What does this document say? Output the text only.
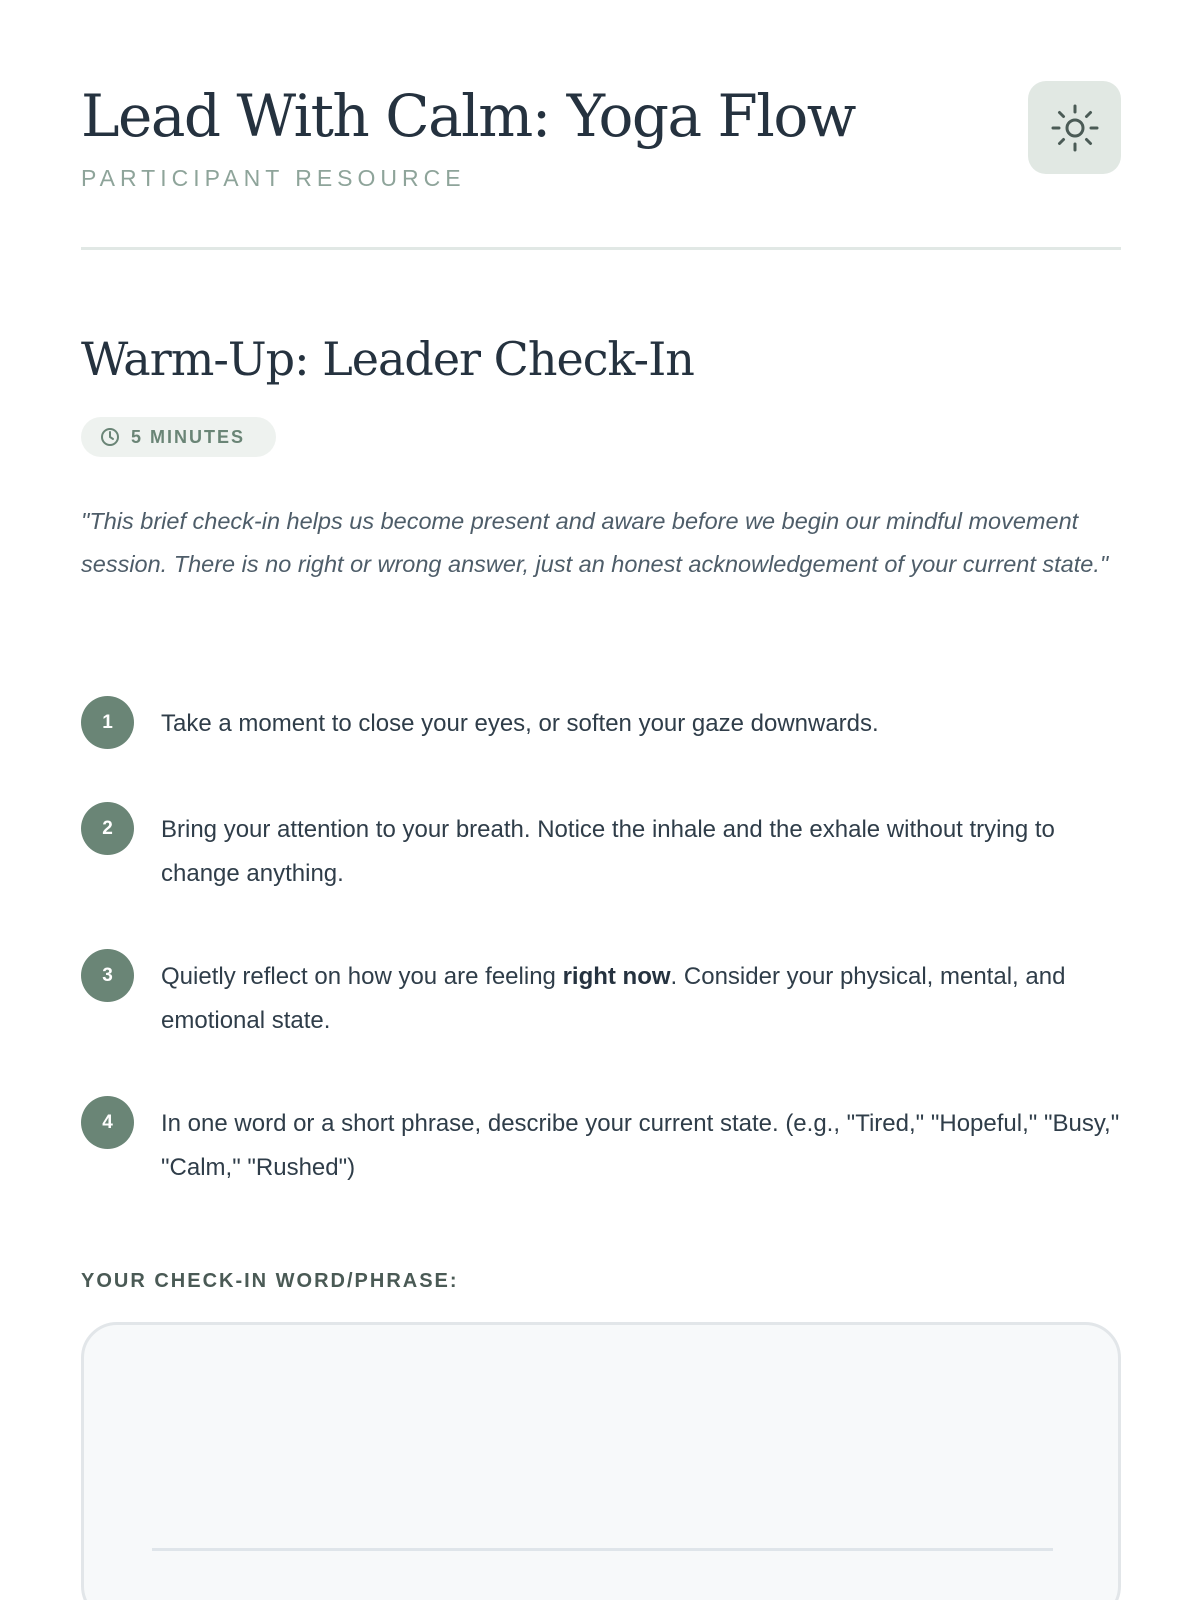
Lead With Calm: Yoga Flow
PARTICIPANT RESOURCE
Warm-Up: Leader Check-In
5 MINUTES

"This brief check-in helps us become present and aware before we begin our mindful movement session. There is no right or wrong answer, just an honest acknowledgement of your current state."

1	Take a moment to close your eyes, or soften your gaze downwards.
2	Bring your attention to your breath. Notice the inhale and the exhale without trying to change anything.
3	Quietly reflect on how you are feeling right now. Consider your physical, mental, and emotional state.
4	In one word or a short phrase, describe your current state. (e.g., "Tired," "Hopeful," "Busy," "Calm," "Rushed")
YOUR CHECK-IN WORD/PHRASE:
